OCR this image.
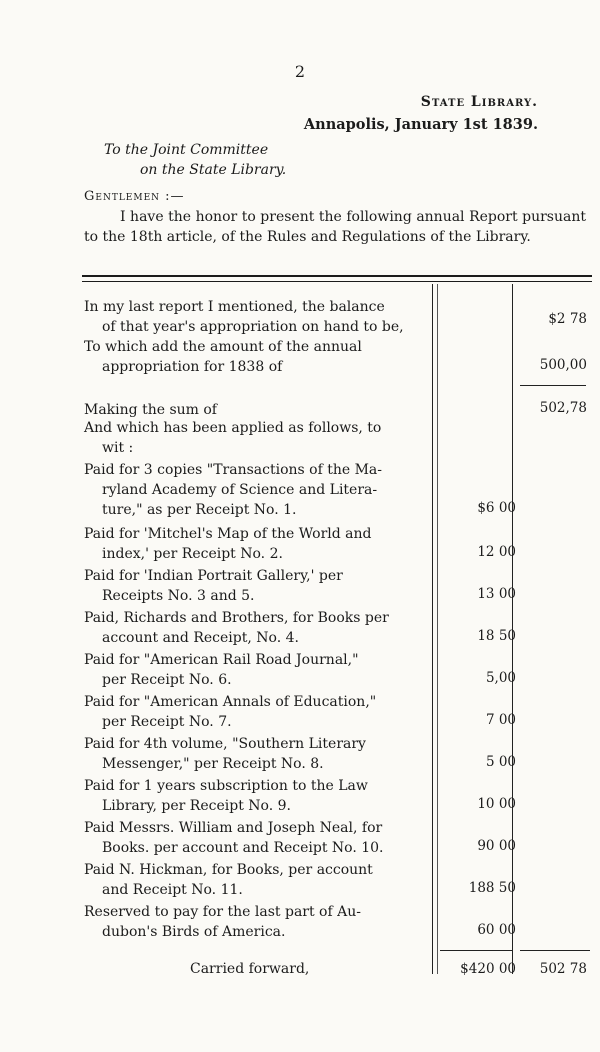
2
State Library.
Annapolis, January 1st 1839.
To the Joint Committee
on the State Library.
Gentlemen :—

I have the honor to present the following annual Report pursuant to the 18th article, of the Rules and Regulations of the Library.

In my last report I mentioned, the balance
of that year's appropriation on hand to be,	$2 78
To which add the amount of the annual
appropriation for 1838 of	500,00
Making the sum of	502,78
And which has been applied as follows, to
wit :
Paid for 3 copies "Transactions of the Ma-
ryland Academy of Science and Litera-
ture," as per Receipt No. 1.	$6 00
Paid for 'Mitchel's Map of the World and
index,' per Receipt No. 2.	12 00
Paid for 'Indian Portrait Gallery,' per
Receipts No. 3 and 5.	13 00
Paid, Richards and Brothers, for Books per
account and Receipt, No. 4.	18 50
Paid for "American Rail Road Journal,"
per Receipt No. 6.	5,00
Paid for "American Annals of Education,"
per Receipt No. 7.	7 00
Paid for 4th volume, "Southern Literary
Messenger," per Receipt No. 8.	5 00
Paid for 1 years subscription to the Law
Library, per Receipt No. 9.	10 00
Paid Messrs. William and Joseph Neal, for
Books. per account and Receipt No. 10.	90 00
Paid N. Hickman, for Books, per account
and Receipt No. 11.	188 50
Reserved to pay for the last part of Au-
dubon's Birds of America.	60 00
Carried forward,	$420 00	502 78
